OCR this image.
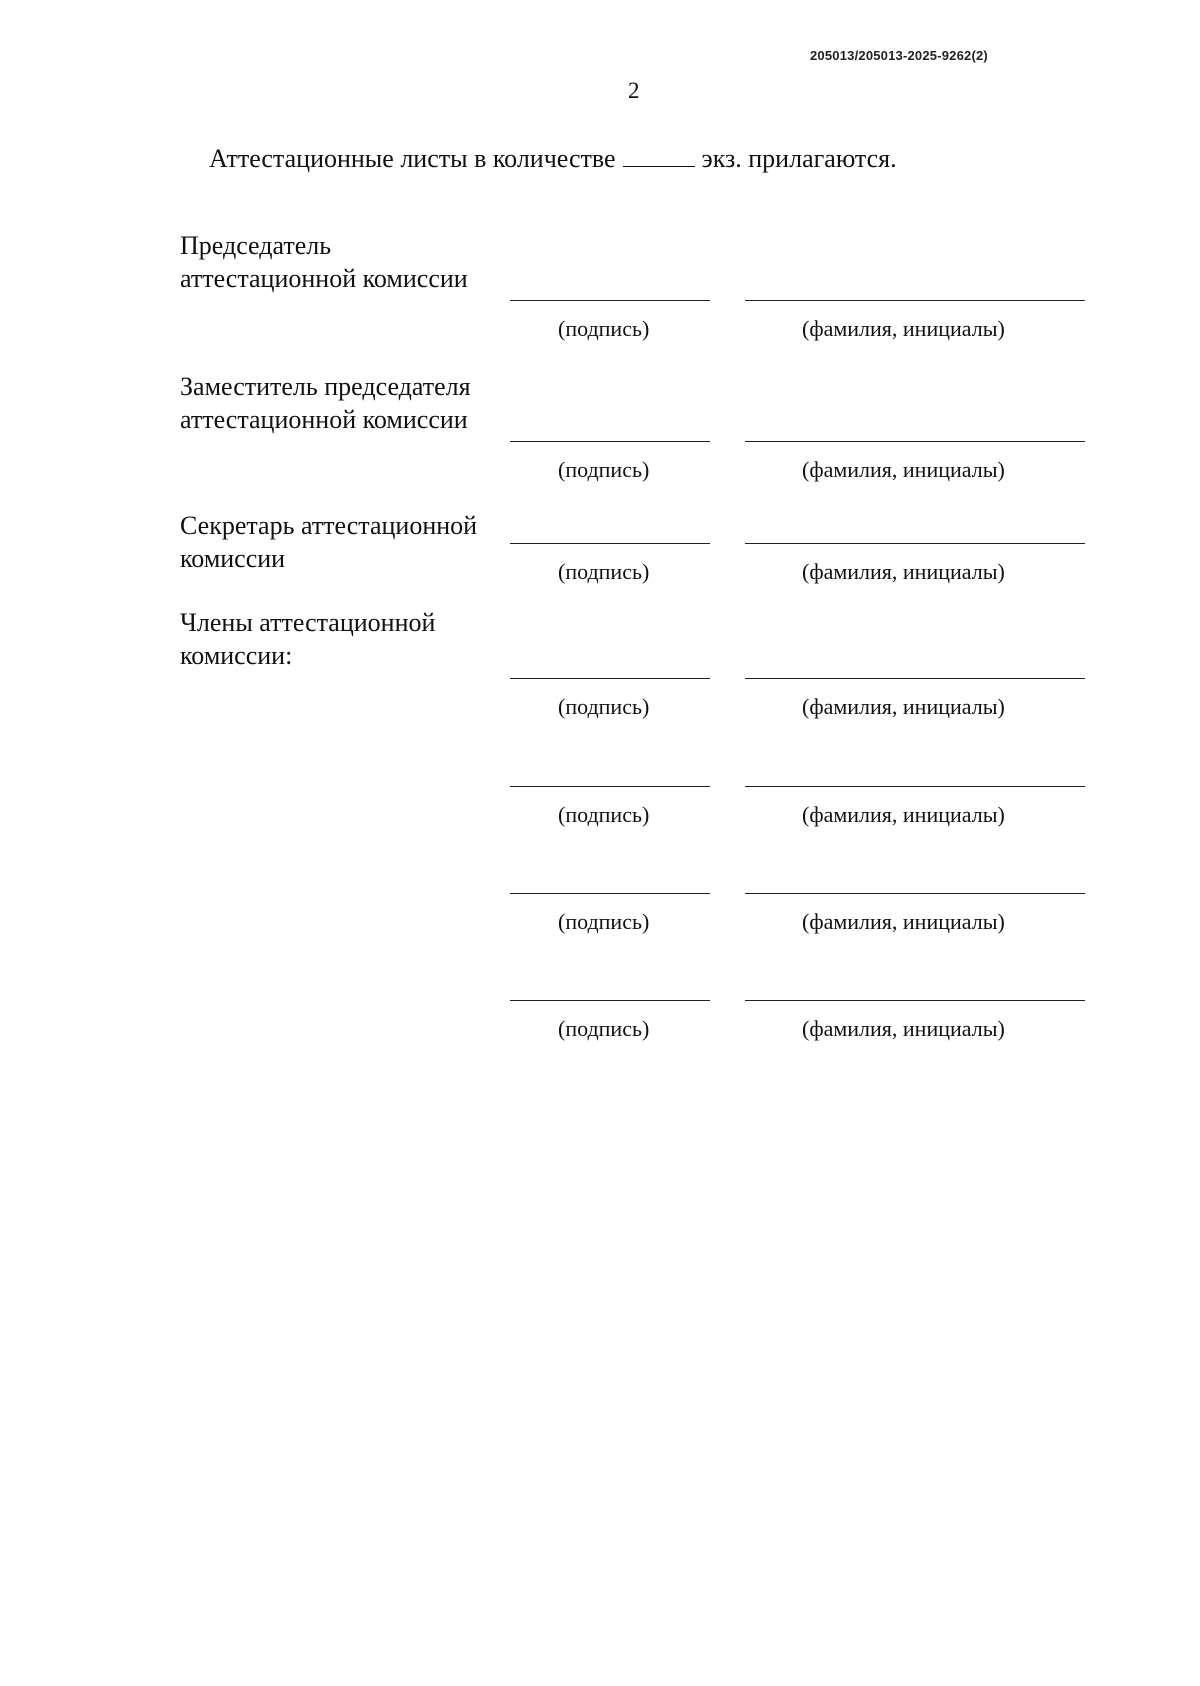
205013/205013-2025-9262(2)
2
Аттестационные листы в количестве	экз. прилагаются.
Председатель
аттестационной комиссии
(подпись)	(фамилия, инициалы)
Заместитель председателя
аттестационной комиссии
(подпись)	(фамилия, инициалы)
Секретарь аттестационной
комиссии	(подпись)	(фамилия, инициалы)
Члены аттестационной
комиссии:
(подпись)	(фамилия, инициалы)
(подпись)	(фамилия, инициалы)
(подпись)	(фамилия, инициалы)
(подпись)	(фамилия, инициалы)
